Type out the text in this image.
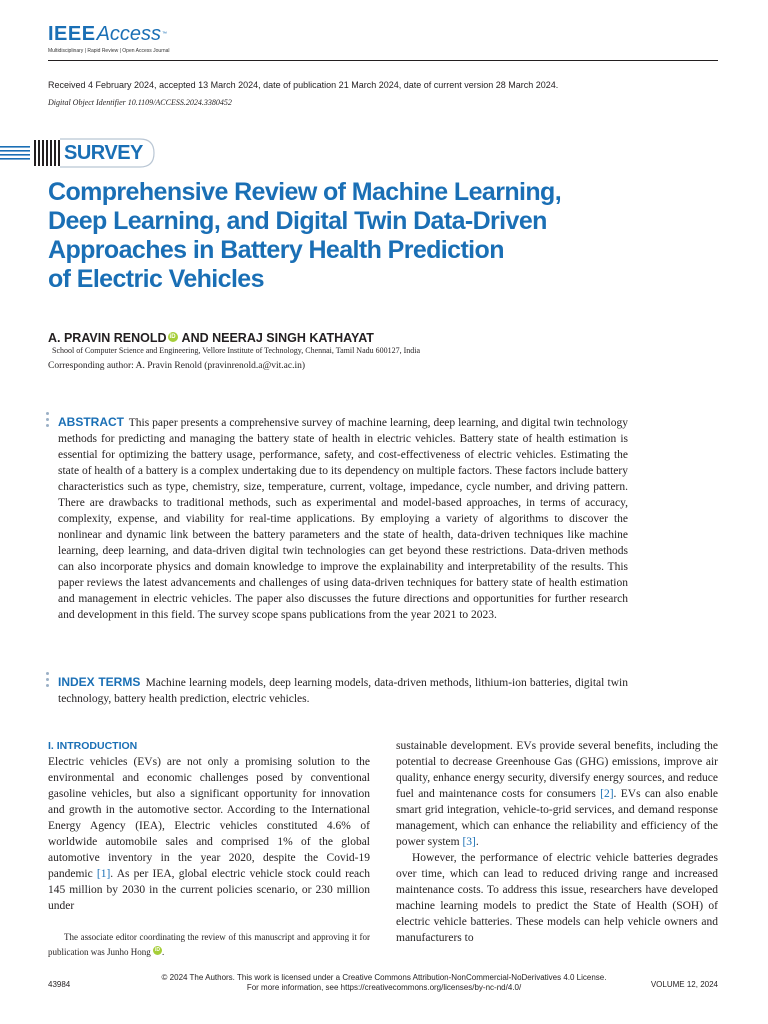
IEEEAccess™
Multidisciplinary | Rapid Review | Open Access Journal
Received 4 February 2024, accepted 13 March 2024, date of publication 21 March 2024, date of current version 28 March 2024.
Digital Object Identifier 10.1109/ACCESS.2024.3380452
SURVEY
Comprehensive Review of Machine Learning,
Deep Learning, and Digital Twin Data-Driven
Approaches in Battery Health Prediction
of Electric Vehicles
A. PRAVIN RENOLD iD AND NEERAJ SINGH KATHAYAT
School of Computer Science and Engineering, Vellore Institute of Technology, Chennai, Tamil Nadu 600127, India
Corresponding author: A. Pravin Renold (pravinrenold.a@vit.ac.in)

ABSTRACT This paper presents a comprehensive survey of machine learning, deep learning, and digital twin technology methods for predicting and managing the battery state of health in electric vehicles. Battery state of health estimation is essential for optimizing the battery usage, performance, safety, and cost-effectiveness of electric vehicles. Estimating the state of health of a battery is a complex undertaking due to its dependency on multiple factors. These factors include battery characteristics such as type, chemistry, size, temperature, current, voltage, impedance, cycle number, and driving pattern. There are drawbacks to traditional methods, such as experimental and model-based approaches, in terms of accuracy, complexity, expense, and viability for real-time applications. By employing a variety of algorithms to discover the nonlinear and dynamic link between the battery parameters and the state of health, data-driven techniques like machine learning, deep learning, and data-driven digital twin technologies can get beyond these restrictions. Data-driven methods can also incorporate physics and domain knowledge to improve the explainability and interpretability of the results. This paper reviews the latest advancements and challenges of using data-driven techniques for battery state of health estimation and management in electric vehicles. The paper also discusses the future directions and opportunities for further research and development in this field. The survey scope spans publications from the year 2021 to 2023.

INDEX TERMS Machine learning models, deep learning models, data-driven methods, lithium-ion batteries, digital twin technology, battery health prediction, electric vehicles.

I. INTRODUCTION

Electric vehicles (EVs) are not only a promising solution to the environmental and economic challenges posed by conventional gasoline vehicles, but also a significant opportunity for innovation and growth in the automotive sector. According to the International Energy Agency (IEA), Electric vehicles constituted 4.6% of worldwide automobile sales and comprised 1% of the global automotive inventory in the year 2020, despite the Covid-19 pandemic [1]. As per IEA, global electric vehicle stock could reach 145 million by 2030 in the current policies scenario, or 230 million under

The associate editor coordinating the review of this manuscript and approving it for publication was Junho Hong iD .

sustainable development. EVs provide several benefits, including the potential to decrease Greenhouse Gas (GHG) emissions, improve air quality, enhance energy security, diversify energy sources, and reduce fuel and maintenance costs for consumers [2]. EVs can also enable smart grid integration, vehicle-to-grid services, and demand response management, which can enhance the reliability and efficiency of the power system [3].

However, the performance of electric vehicle batteries degrades over time, which can lead to reduced driving range and increased maintenance costs. To address this issue, researchers have developed machine learning models to predict the State of Health (SOH) of electric vehicle batteries. These models can help vehicle owners and manufacturers to

© 2024 The Authors. This work is licensed under a Creative Commons Attribution-NonCommercial-NoDerivatives 4.0 License.
For more information, see https://creativecommons.org/licenses/by-nc-nd/4.0/
43984	VOLUME 12, 2024
